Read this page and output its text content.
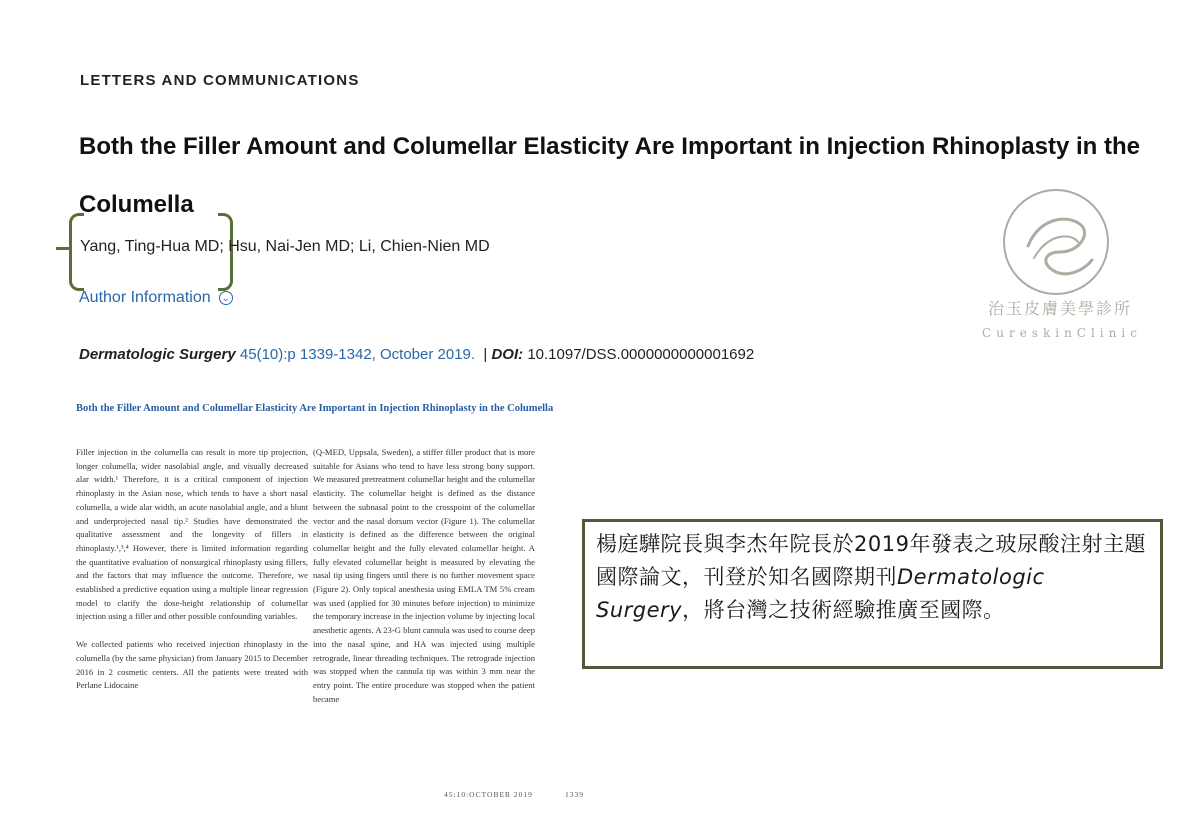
LETTERS AND COMMUNICATIONS
Both the Filler Amount and Columellar Elasticity Are Important in Injection Rhinoplasty in the Columella
Yang, Ting-Hua MD; Hsu, Nai-Jen MD; Li, Chien-Nien MD
Author Information ⌄
Dermatologic Surgery 45(10):p 1339-1342, October 2019.  | DOI: 10.1097/DSS.0000000000001692
治玉皮膚美學診所
CureskinClinic
Both the Filler Amount and Columellar Elasticity Are Important in Injection Rhinoplasty in the Columella

Filler injection in the columella can result in more tip projection, longer columella, wider nasolabial angle, and visually decreased alar width.¹ Therefore, it is a critical component of injection rhinoplasty in the Asian nose, which tends to have a short nasal columella, a wide alar width, an acute nasolabial angle, and a blunt and underprojected nasal tip.² Studies have demonstrated the qualitative assessment and the longevity of fillers in rhinoplasty.¹,³,⁴ However, there is limited information regarding the quantitative evaluation of nonsurgical rhinoplasty using fillers, and the factors that may influence the outcome. Therefore, we established a predictive equation using a multiple linear regression model to clarify the dose-height relationship of columellar injection using a filler and other possible confounding variables.

We collected patients who received injection rhinoplasty in the columella (by the same physician) from January 2015 to December 2016 in 2 cosmetic centers. All the patients were treated with Perlane Lidocaine

(Q-MED, Uppsala, Sweden), a stiffer filler product that is more suitable for Asians who tend to have less strong bony support. We measured pretreatment columellar height and the columellar elasticity. The columellar height is defined as the distance between the subnasal point to the crosspoint of the columellar vector and the nasal dorsum vector (Figure 1). The columellar elasticity is defined as the difference between the original columellar height and the fully elevated columellar height. A fully elevated columellar height is measured by elevating the nasal tip using fingers until there is no further movement space (Figure 2). Only topical anesthesia using EMLA TM 5% cream was used (applied for 30 minutes before injection) to minimize the temporary increase in the injection volume by injecting local anesthetic agents. A 23-G blunt cannula was used to course deep into the nasal spine, and HA was injected using multiple retrograde, linear threading techniques. The retrograde injection was stopped when the cannula tip was within 3 mm near the entry point. The entire procedure was stopped when the patient became

45:10:OCTOBER 2019	1339
楊庭驊院長與李杰年院長於2019年發表之玻尿酸注射主題國際論文，刊登於知名國際期刊Dermatologic Surgery，將台灣之技術經驗推廣至國際。
